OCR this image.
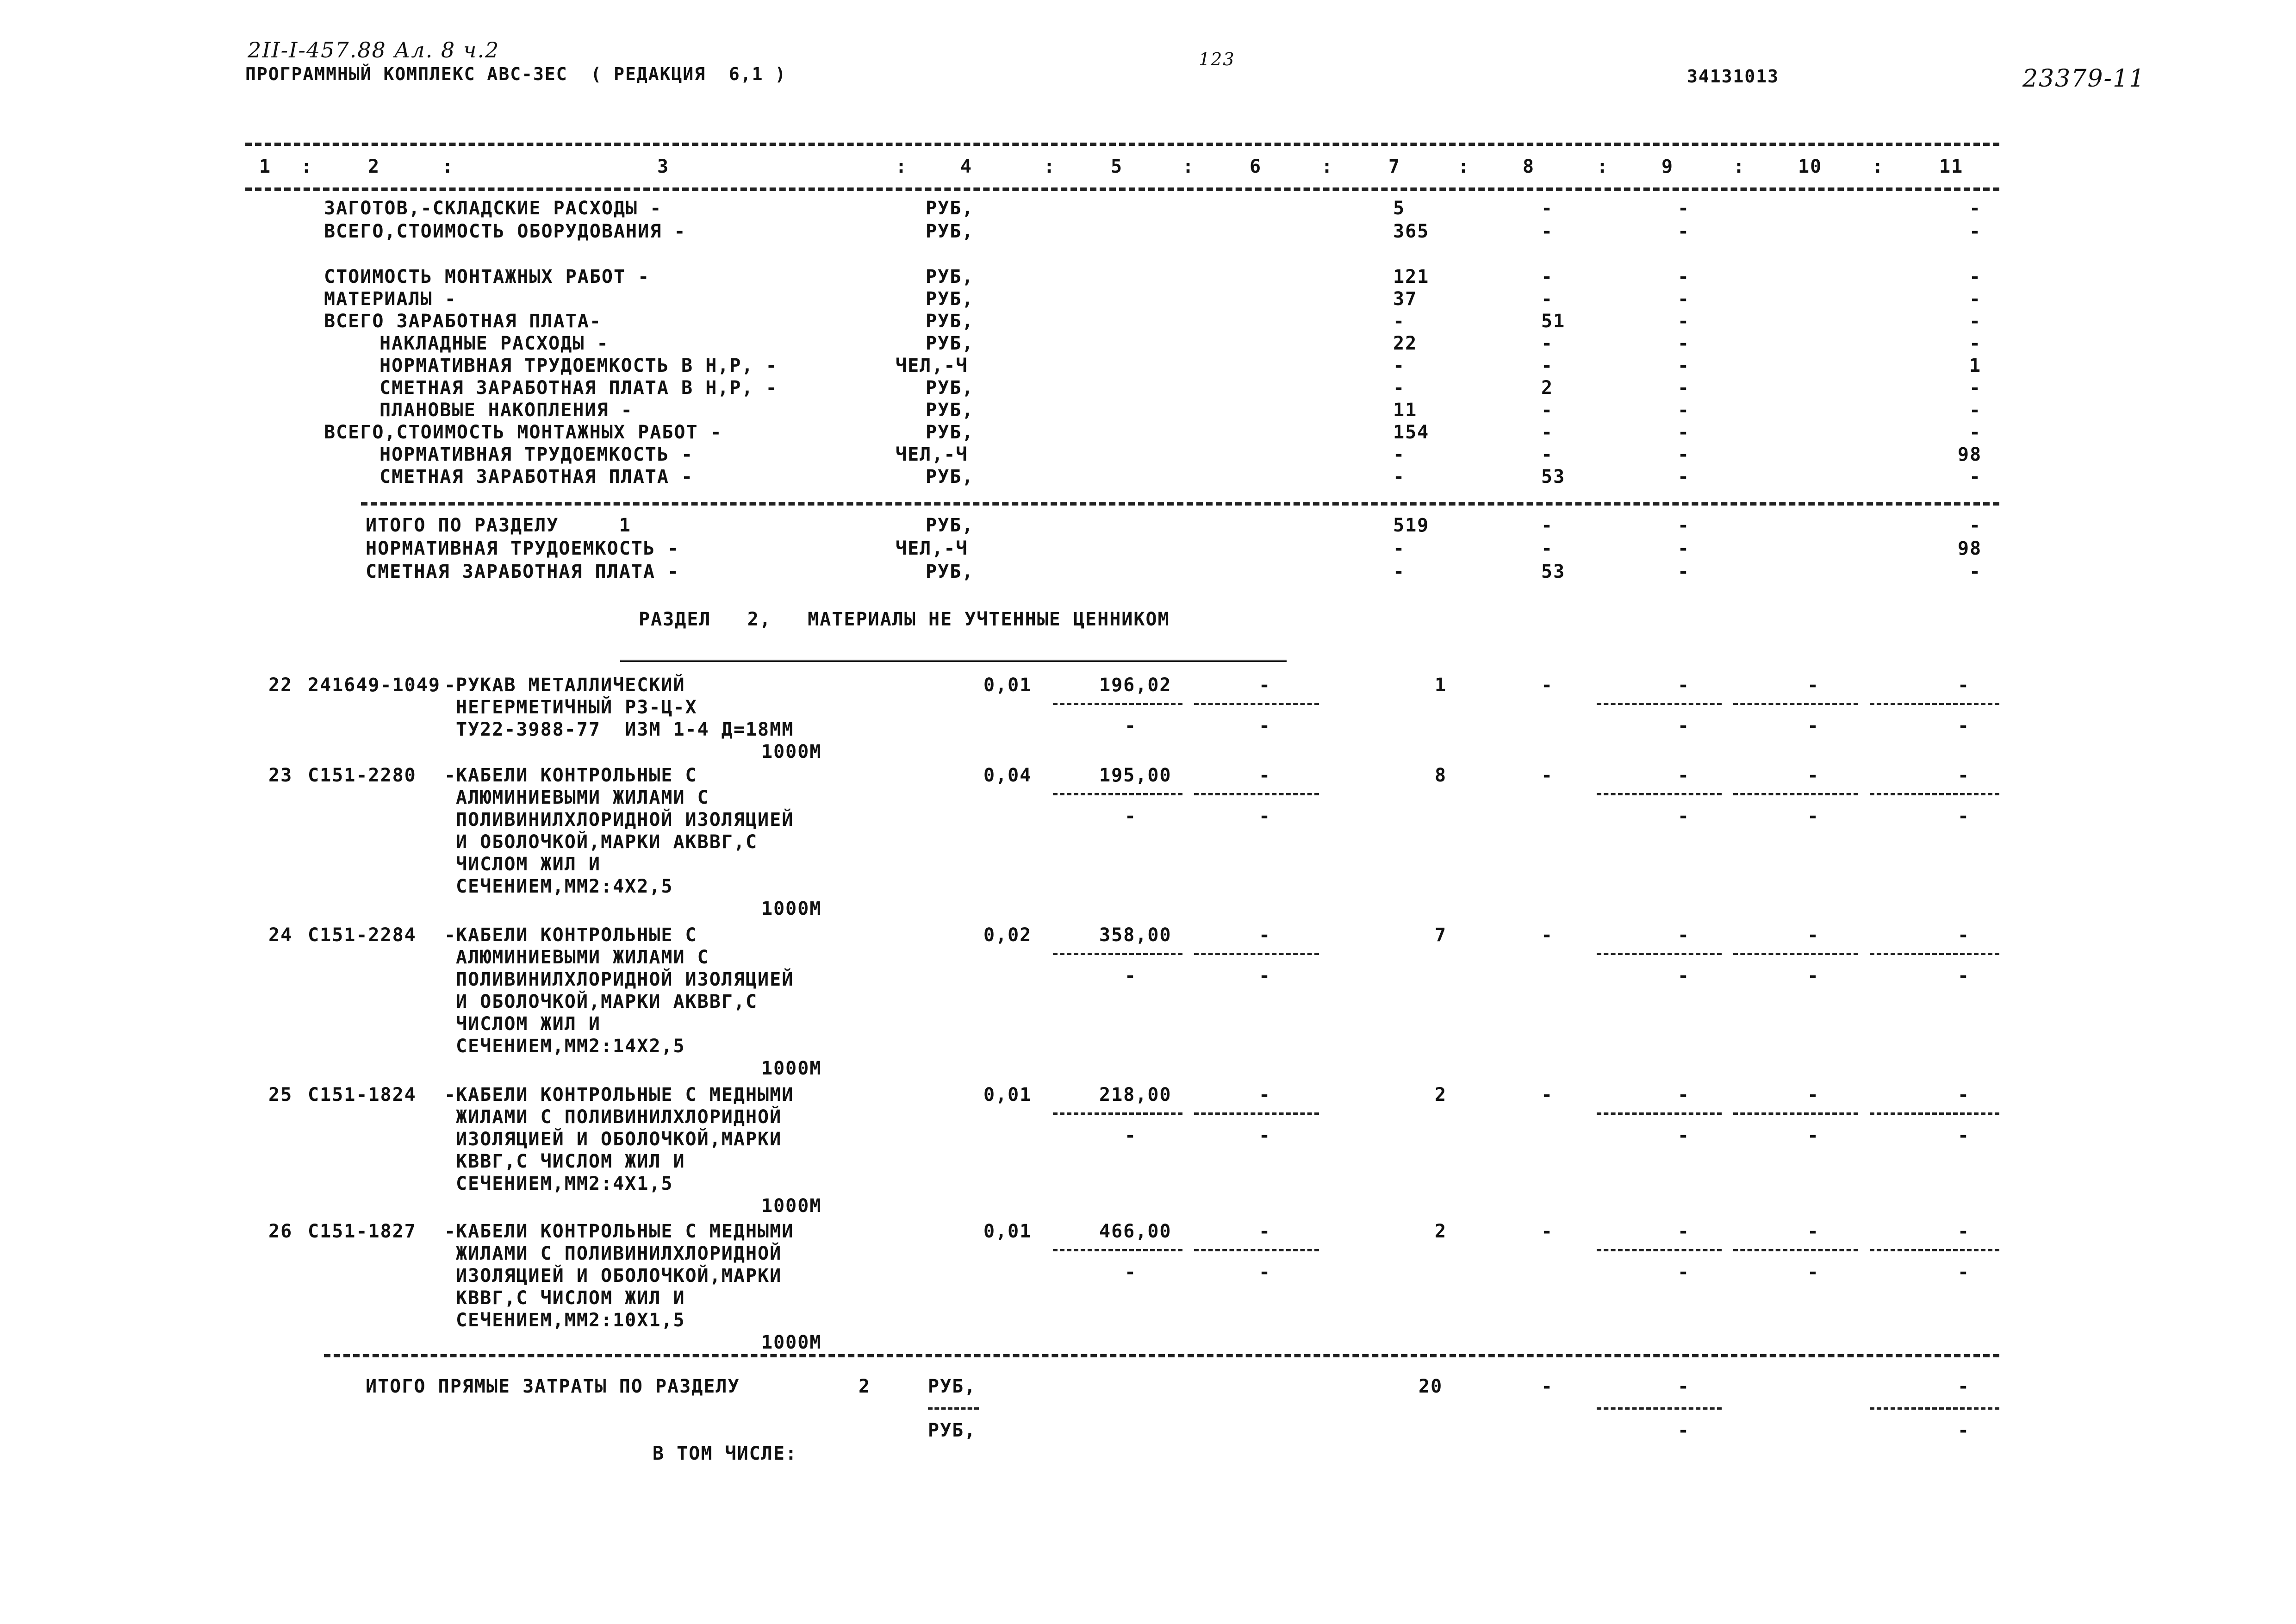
2II-I-457.88 Ал. 8 ч.2
ПРОГРАММНЫЙ КОМПЛЕКС АВС-ЗЕС  ( РЕДАКЦИЯ  6,1 )
123
34131013	23379-11
1	2	3	4	5	6	7	8	9	10	11
:	:	:	:	:	:	:	:	:	:
ЗАГОТОВ,-СКЛАДСКИЕ РАСХОДЫ -	РУБ,	5	-	-	-
ВСЕГО,СТОИМОСТЬ ОБОРУДОВАНИЯ -	РУБ,	365	-	-	-
СТОИМОСТЬ МОНТАЖНЫХ РАБОТ -	РУБ,	121	-	-	-
МАТЕРИАЛЫ -	РУБ,	37	-	-	-
ВСЕГО ЗАРАБОТНАЯ ПЛАТА-	РУБ,	-	51	-	-
НАКЛАДНЫЕ РАСХОДЫ -	РУБ,	22	-	-	-
НОРМАТИВНАЯ ТРУДОЕМКОСТЬ В Н,Р, -	ЧЕЛ,-Ч	-	-	-	1
СМЕТНАЯ ЗАРАБОТНАЯ ПЛАТА В Н,Р, -	РУБ,	-	2	-	-
ПЛАНОВЫЕ НАКОПЛЕНИЯ -	РУБ,	11	-	-	-
ВСЕГО,СТОИМОСТЬ МОНТАЖНЫХ РАБОТ -	РУБ,	154	-	-	-
НОРМАТИВНАЯ ТРУДОЕМКОСТЬ -	ЧЕЛ,-Ч	-	-	-	98
СМЕТНАЯ ЗАРАБОТНАЯ ПЛАТА -	РУБ,	-	53	-	-
ИТОГО ПО РАЗДЕЛУ     1	РУБ,	519	-	-	-
НОРМАТИВНАЯ ТРУДОЕМКОСТЬ -	ЧЕЛ,-Ч	-	-	-	98
СМЕТНАЯ ЗАРАБОТНАЯ ПЛАТА -	РУБ,	-	53	-	-
РАЗДЕЛ   2,   МАТЕРИАЛЫ НЕ УЧТЕННЫЕ ЦЕННИКОМ
22 241649-1049 -
РУКАВ МЕТАЛЛИЧЕСКИЙ
НЕГЕРМЕТИЧНЫЙ РЗ-Ц-Х
ТУ22-3988-77  ИЗМ 1-4 Д=18ММ
1000М
0,01	196,02	-	1	-	-	-	-
-	-	-	-	-
23 С151-2280 -
КАБЕЛИ КОНТРОЛЬНЫЕ С
АЛЮМИНИЕВЫМИ ЖИЛАМИ С
ПОЛИВИНИЛХЛОРИДНОЙ ИЗОЛЯЦИЕЙ
И ОБОЛОЧКОЙ,МАРКИ АКВВГ,С
ЧИСЛОМ ЖИЛ И
СЕЧЕНИЕМ,ММ2:4Х2,5
1000М
0,04	195,00	-	8	-	-	-	-
-	-	-	-	-
24 С151-2284 -
КАБЕЛИ КОНТРОЛЬНЫЕ С
АЛЮМИНИЕВЫМИ ЖИЛАМИ С
ПОЛИВИНИЛХЛОРИДНОЙ ИЗОЛЯЦИЕЙ
И ОБОЛОЧКОЙ,МАРКИ АКВВГ,С
ЧИСЛОМ ЖИЛ И
СЕЧЕНИЕМ,ММ2:14Х2,5
1000М
0,02	358,00	-	7	-	-	-	-
-	-	-	-	-
25 С151-1824 -
КАБЕЛИ КОНТРОЛЬНЫЕ С МЕДНЫМИ
ЖИЛАМИ С ПОЛИВИНИЛХЛОРИДНОЙ
ИЗОЛЯЦИЕЙ И ОБОЛОЧКОЙ,МАРКИ
КВВГ,С ЧИСЛОМ ЖИЛ И
СЕЧЕНИЕМ,ММ2:4Х1,5
1000М
0,01	218,00	-	2	-	-	-	-
-	-	-	-	-
26 С151-1827 -
КАБЕЛИ КОНТРОЛЬНЫЕ С МЕДНЫМИ
ЖИЛАМИ С ПОЛИВИНИЛХЛОРИДНОЙ
ИЗОЛЯЦИЕЙ И ОБОЛОЧКОЙ,МАРКИ
КВВГ,С ЧИСЛОМ ЖИЛ И
СЕЧЕНИЕМ,ММ2:10Х1,5
1000М
0,01	466,00	-	2	-	-	-	-
-	-	-	-	-
ИТОГО ПРЯМЫЕ ЗАТРАТЫ ПО РАЗДЕЛУ	2	РУБ,	20	-	-	-
РУБ,	-	-
В ТОМ ЧИСЛЕ:
